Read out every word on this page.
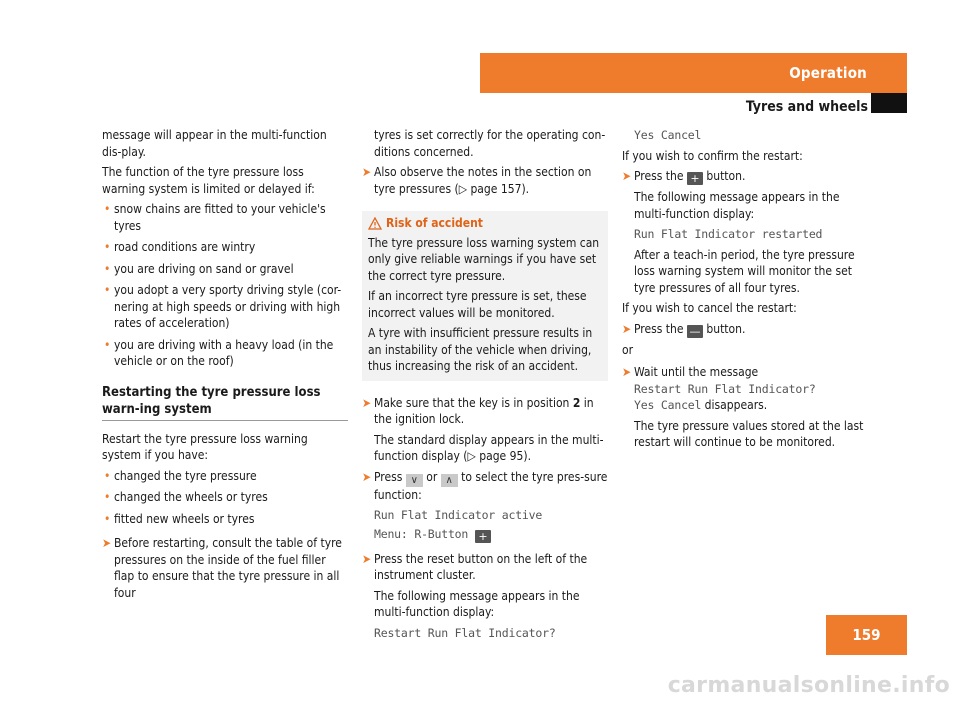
Operation
Tyres and wheels

message will appear in the multi-function dis-play.

The function of the tyre pressure loss warning system is limited or delayed if:

• snow chains are fitted to your vehicle's tyres
• road conditions are wintry
• you are driving on sand or gravel
• you adopt a very sporty driving style (cor-nering at high speeds or driving with high rates of acceleration)
• you are driving with a heavy load (in the vehicle or on the roof)
Restarting the tyre pressure loss warn-ing system

Restart the tyre pressure loss warning system if you have:

• changed the tyre pressure
• changed the wheels or tyres
• fitted new wheels or tyres
➤ Before restarting, consult the table of tyre pressures on the inside of the fuel filler flap to ensure that the tyre pressure in all four
tyres is set correctly for the operating con-ditions concerned.
➤ Also observe the notes in the section on tyre pressures (▷ page 157).
Risk of accident

The tyre pressure loss warning system can only give reliable warnings if you have set the correct tyre pressure.

If an incorrect tyre pressure is set, these incorrect values will be monitored.

A tyre with insufficient pressure results in an instability of the vehicle when driving, thus increasing the risk of an accident.

➤ Make sure that the key is in position 2 in the ignition lock.
The standard display appears in the multi-function display (▷ page 95).
➤ Press ∨ or ∧ to select the tyre pres-sure function:
Run Flat Indicator active
Menu: R-Button +
➤ Press the reset button on the left of the instrument cluster.
The following message appears in the multi-function display:
Restart Run Flat Indicator?
Yes Cancel

If you wish to confirm the restart:

➤ Press the + button.
The following message appears in the multi-function display:
Run Flat Indicator restarted
After a teach-in period, the tyre pressure loss warning system will monitor the set tyre pressures of all four tyres.

If you wish to cancel the restart:

➤ Press the — button.

or

➤ Wait until the message
Restart Run Flat Indicator?
Yes Cancel disappears.
The tyre pressure values stored at the last restart will continue to be monitored.
159
carmanualsonline.info
